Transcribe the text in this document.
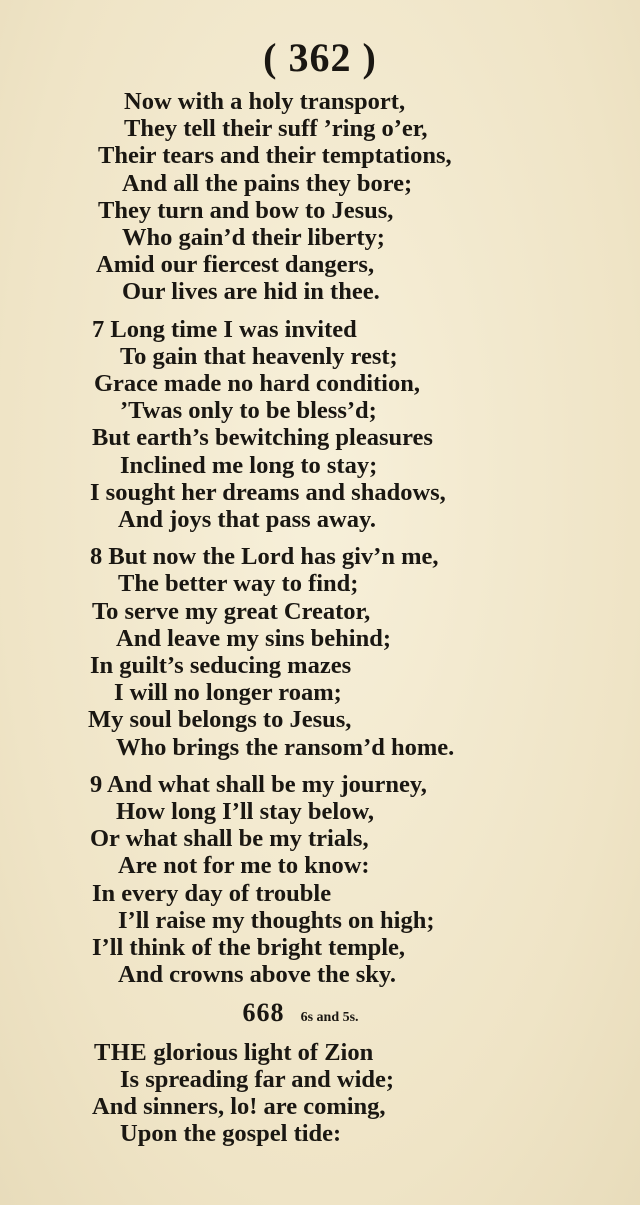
( 362 )
Now with a holy transport,
They tell their suff ’ring o’er,
Their tears and their temptations,
And all the pains they bore;
They turn and bow to Jesus,
Who gain’d their liberty;
Amid our fiercest dangers,
Our lives are hid in thee.
7 Long time I was invited
To gain that heavenly rest;
Grace made no hard condition,
’Twas only to be bless’d;
But earth’s bewitching pleasures
Inclined me long to stay;
I sought her dreams and shadows,
And joys that pass away.
8 But now the Lord has giv’n me,
The better way to find;
To serve my great Creator,
And leave my sins behind;
In guilt’s seducing mazes
I will no longer roam;
My soul belongs to Jesus,
Who brings the ransom’d home.
9 And what shall be my journey,
How long I’ll stay below,
Or what shall be my trials,
Are not for me to know:
In every day of trouble
I’ll raise my thoughts on high;
I’ll think of the bright temple,
And crowns above the sky.
668 6s and 5s.
THE glorious light of Zion
Is spreading far and wide;
And sinners, lo! are coming,
Upon the gospel tide:
